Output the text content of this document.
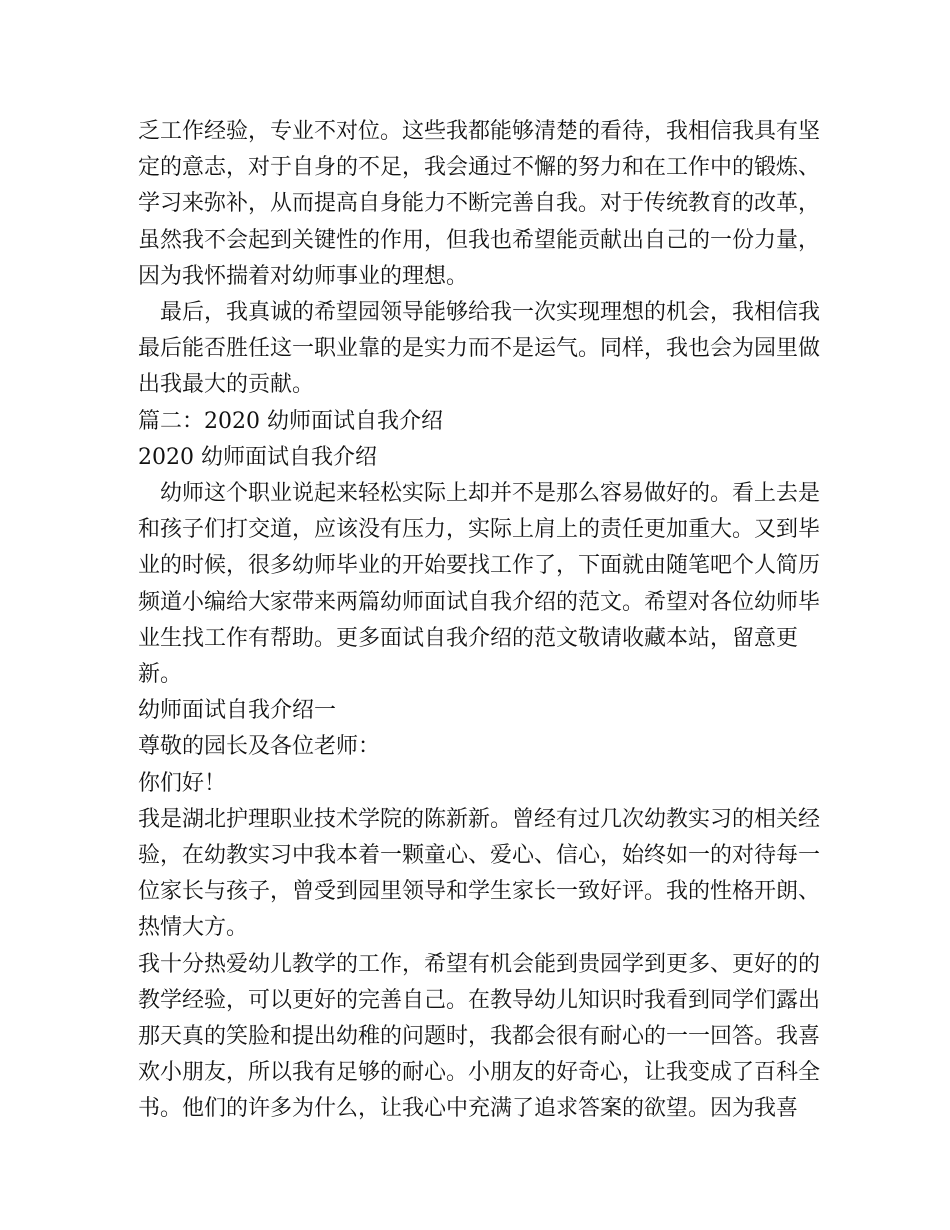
乏工作经验，专业不对位。这些我都能够清楚的看待，我相信我具有坚定的意志，对于自身的不足，我会通过不懈的努力和在工作中的锻炼、学习来弥补，从而提高自身能力不断完善自我。对于传统教育的改革，虽然我不会起到关键性的作用，但我也希望能贡献出自己的一份力量，因为我怀揣着对幼师事业的理想。

　最后，我真诚的希望园领导能够给我一次实现理想的机会，我相信我最后能否胜任这一职业靠的是实力而不是运气。同样，我也会为园里做出我最大的贡献。

篇二：2020 幼师面试自我介绍

2020 幼师面试自我介绍

　幼师这个职业说起来轻松实际上却并不是那么容易做好的。看上去是和孩子们打交道，应该没有压力，实际上肩上的责任更加重大。又到毕业的时候，很多幼师毕业的开始要找工作了，下面就由随笔吧个人简历频道小编给大家带来两篇幼师面试自我介绍的范文。希望对各位幼师毕业生找工作有帮助。更多面试自我介绍的范文敬请收藏本站，留意更新。

幼师面试自我介绍一

尊敬的园长及各位老师：

你们好！

我是湖北护理职业技术学院的陈新新。曾经有过几次幼教实习的相关经验，在幼教实习中我本着一颗童心、爱心、信心，始终如一的对待每一位家长与孩子，曾受到园里领导和学生家长一致好评。我的性格开朗、热情大方。

我十分热爱幼儿教学的工作，希望有机会能到贵园学到更多、更好的的教学经验，可以更好的完善自己。在教导幼儿知识时我看到同学们露出那天真的笑脸和提出幼稚的问题时，我都会很有耐心的一一回答。我喜欢小朋友，所以我有足够的耐心。小朋友的好奇心，让我变成了百科全书。他们的许多为什么，让我心中充满了追求答案的欲望。因为我喜
